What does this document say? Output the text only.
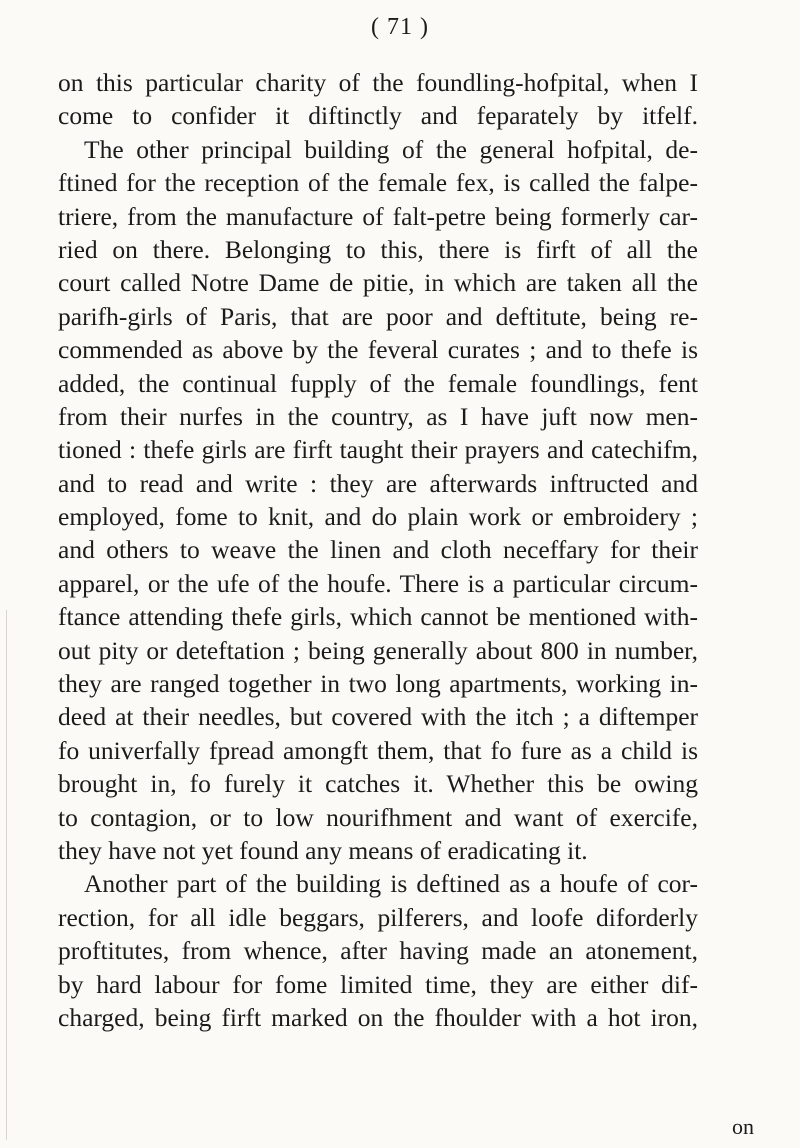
( 71 )
on this particular charity of the foundling-hofpital, when I
come to confider it diftinctly and feparately by itfelf.
The other principal building of the general hofpital, de-
ftined for the reception of the female fex, is called the falpe-
triere, from the manufacture of falt-petre being formerly car-
ried on there. Belonging to this, there is firft of all the
court called Notre Dame de pitie, in which are taken all the
parifh-girls of Paris, that are poor and deftitute, being re-
commended as above by the feveral curates ; and to thefe is
added, the continual fupply of the female foundlings, fent
from their nurfes in the country, as I have juft now men-
tioned : thefe girls are firft taught their prayers and catechifm,
and to read and write : they are afterwards inftructed and
employed, fome to knit, and do plain work or embroidery ;
and others to weave the linen and cloth neceffary for their
apparel, or the ufe of the houfe. There is a particular circum-
ftance attending thefe girls, which cannot be mentioned with-
out pity or deteftation ; being generally about 800 in number,
they are ranged together in two long apartments, working in-
deed at their needles, but covered with the itch ; a diftemper
fo univerfally fpread amongft them, that fo fure as a child is
brought in, fo furely it catches it. Whether this be owing
to contagion, or to low nourifhment and want of exercife,
they have not yet found any means of eradicating it.
Another part of the building is deftined as a houfe of cor-
rection, for all idle beggars, pilferers, and loofe diforderly
proftitutes, from whence, after having made an atonement,
by hard labour for fome limited time, they are either dif-
charged, being firft marked on the fhoulder with a hot iron,
on
